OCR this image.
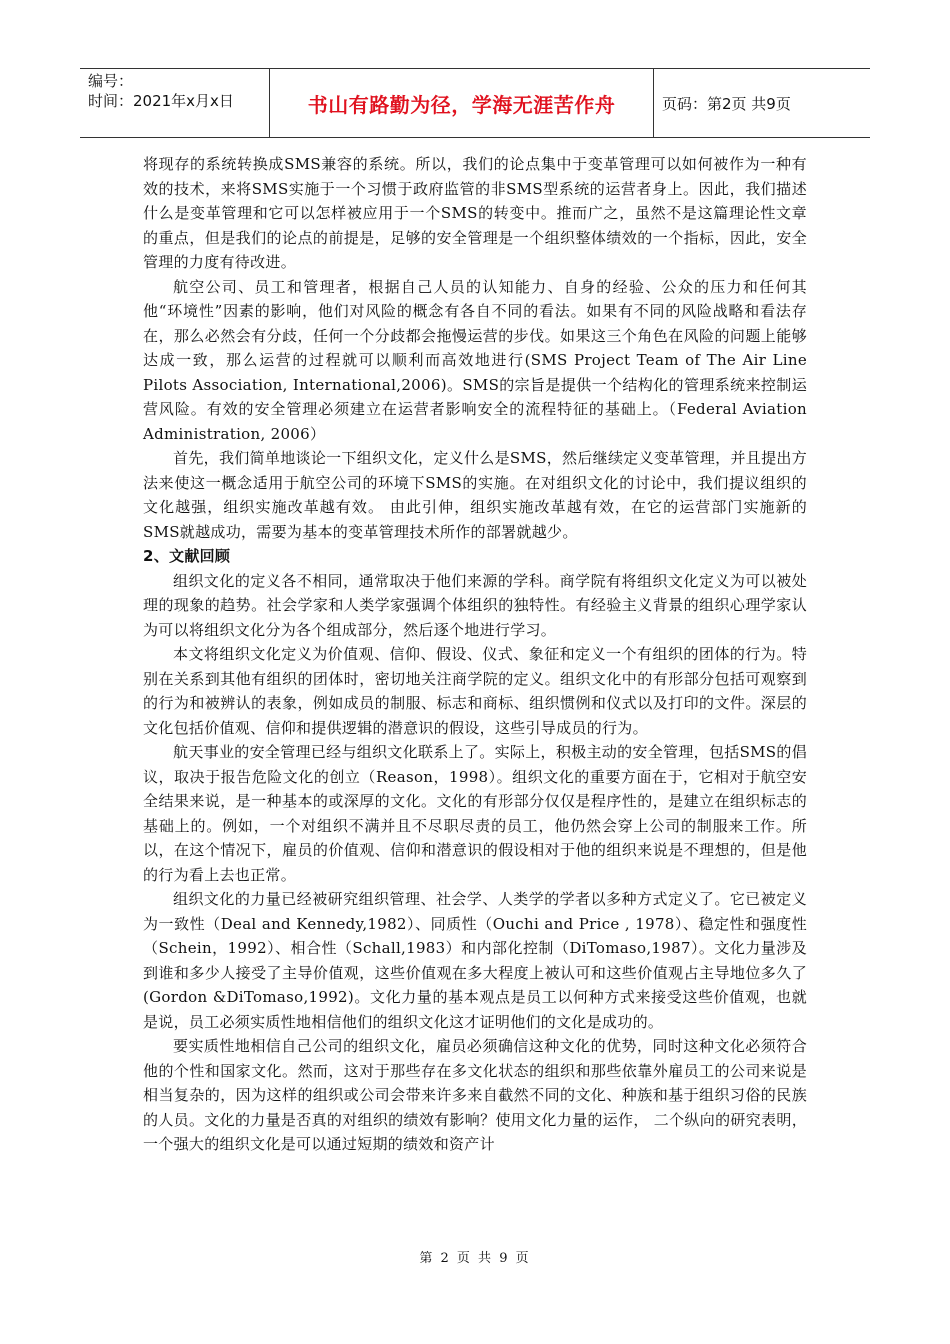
编号：
时间：2021年x月x日	书山有路勤为径，学海无涯苦作舟	页码：第2页 共9页

将现存的系统转换成SMS兼容的系统。所以，我们的论点集中于变革管理可以如何被作为一种有效的技术，来将SMS实施于一个习惯于政府监管的非SMS型系统的运营者身上。因此，我们描述什么是变革管理和它可以怎样被应用于一个SMS的转变中。推而广之，虽然不是这篇理论性文章的重点，但是我们的论点的前提是，足够的安全管理是一个组织整体绩效的一个指标，因此，安全管理的力度有待改进。

航空公司、员工和管理者，根据自己人员的认知能力、自身的经验、公众的压力和任何其他“环境性”因素的影响，他们对风险的概念有各自不同的看法。如果有不同的风险战略和看法存在，那么必然会有分歧，任何一个分歧都会拖慢运营的步伐。如果这三个角色在风险的问题上能够达成一致，那么运营的过程就可以顺利而高效地进行(SMS Project Team of The Air Line Pilots Association, International,2006)。SMS的宗旨是提供一个结构化的管理系统来控制运营风险。有效的安全管理必须建立在运营者影响安全的流程特征的基础上。（Federal Aviation Administration, 2006）

首先，我们简单地谈论一下组织文化，定义什么是SMS，然后继续定义变革管理，并且提出方法来使这一概念适用于航空公司的环境下SMS的实施。在对组织文化的讨论中，我们提议组织的文化越强，组织实施改革越有效。 由此引伸，组织实施改革越有效，在它的运营部门实施新的SMS就越成功，需要为基本的变革管理技术所作的部署就越少。

2、文献回顾

组织文化的定义各不相同，通常取决于他们来源的学科。商学院有将组织文化定义为可以被处理的现象的趋势。社会学家和人类学家强调个体组织的独特性。有经验主义背景的组织心理学家认为可以将组织文化分为各个组成部分，然后逐个地进行学习。

本文将组织文化定义为价值观、信仰、假设、仪式、象征和定义一个有组织的团体的行为。特别在关系到其他有组织的团体时，密切地关注商学院的定义。组织文化中的有形部分包括可观察到的行为和被辨认的表象，例如成员的制服、标志和商标、组织惯例和仪式以及打印的文件。深层的文化包括价值观、信仰和提供逻辑的潜意识的假设，这些引导成员的行为。

航天事业的安全管理已经与组织文化联系上了。实际上，积极主动的安全管理，包括SMS的倡议，取决于报告危险文化的创立（Reason，1998）。组织文化的重要方面在于，它相对于航空安全结果来说，是一种基本的或深厚的文化。文化的有形部分仅仅是程序性的，是建立在组织标志的基础上的。例如，一个对组织不满并且不尽职尽责的员工，他仍然会穿上公司的制服来工作。所以，在这个情况下，雇员的价值观、信仰和潜意识的假设相对于他的组织来说是不理想的，但是他的行为看上去也正常。

组织文化的力量已经被研究组织管理、社会学、人类学的学者以多种方式定义了。它已被定义为一致性（Deal and Kennedy,1982）、同质性（Ouchi and Price , 1978）、稳定性和强度性（Schein，1992）、相合性（Schall,1983）和内部化控制（DiTomaso,1987）。文化力量涉及到谁和多少人接受了主导价值观，这些价值观在多大程度上被认可和这些价值观占主导地位多久了(Gordon &DiTomaso,1992)。文化力量的基本观点是员工以何种方式来接受这些价值观，也就是说，员工必须实质性地相信他们的组织文化这才证明他们的文化是成功的。

要实质性地相信自己公司的组织文化，雇员必须确信这种文化的优势，同时这种文化必须符合他的个性和国家文化。然而，这对于那些存在多文化状态的组织和那些依靠外雇员工的公司来说是相当复杂的，因为这样的组织或公司会带来许多来自截然不同的文化、种族和基于组织习俗的民族的人员。文化的力量是否真的对组织的绩效有影响？使用文化力量的运作， 二个纵向的研究表明，一个强大的组织文化是可以通过短期的绩效和资产计

第 2 页 共 9 页
